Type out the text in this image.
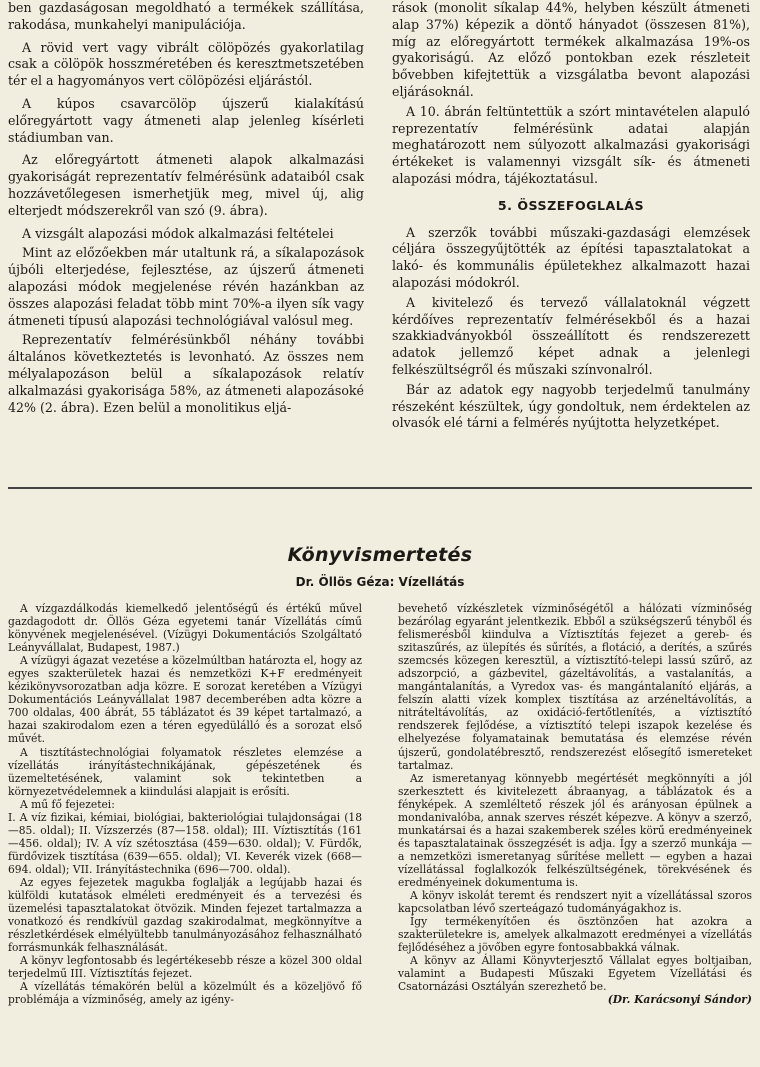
ben gazdaságosan megoldható a termékek szállítása, rakodása, munkahelyi manipulációja.

A rövid vert vagy vibrált cölöpözés gyakorlatilag csak a cölöpök hosszméretében és keresztmetszetében tér el a hagyományos vert cölöpözési eljárástól.

A kúpos csavarcölöp újszerű kialakítású előregyártott vagy átmeneti alap jelenleg kísérleti stádiumban van.

Az előregyártott átmeneti alapok alkalmazási gyakoriságát reprezentatív felmérésünk adataiból csak hozzávetőlegesen ismerhetjük meg, mivel új, alig elterjedt módszerekről van szó (9. ábra).

A vizsgált alapozási módok alkalmazási feltételei

Mint az előzőekben már utaltunk rá, a síkalapozások újbóli elterjedése, fejlesztése, az újszerű átmeneti alapozási módok megjelenése révén hazánkban az összes alapozási feladat több mint 70%-a ilyen sík vagy átmeneti típusú alapozási technológiával valósul meg.

Reprezentatív felmérésünkből néhány további általános következtetés is levonható. Az összes nem mélyalapozáson belül a síkalapozások relatív alkalmazási gyakorisága 58%, az átmeneti alapozásoké 42% (2. ábra). Ezen belül a monolitikus eljá-

rások (monolit síkalap 44%, helyben készült átmeneti alap 37%) képezik a döntő hányadot (összesen 81%), míg az előregyártott termékek alkalmazása 19%-os gyakoriságú. Az előző pontokban ezek részleteit bővebben kifejtettük a vizsgálatba bevont alapozási eljárásoknál.

A 10. ábrán feltüntettük a szórt mintavételen alapuló reprezentatív felmérésünk adatai alapján meghatározott nem súlyozott alkalmazási gyakorisági értékeket is valamennyi vizsgált sík- és átmeneti alapozási módra, tájékoztatásul.

5. ÖSSZEFOGLALÁS

A szerzők további műszaki-gazdasági elemzések céljára összegyűjtötték az építési tapasztalatokat a lakó- és kommunális épületekhez alkalmazott hazai alapozási módokról.

A kivitelező és tervező vállalatoknál végzett kérdőíves reprezentatív felmérésekből és a hazai szakkiadványokból összeállított és rendszerezett adatok jellemző képet adnak a jelenlegi felkészültségről és műszaki színvonalról.

Bár az adatok egy nagyobb terjedelmű tanulmány részeként készültek, úgy gondoltuk, nem érdektelen az olvasók elé tárni a felmérés nyújtotta helyzetképet.

Könyvismertetés
Dr. Öllös Géza: Vízellátás

A vízgazdálkodás kiemelkedő jelentőségű és értékű művel gazdagodott dr. Öllös Géza egyetemi tanár Vízellátás című könyvének megjelenésével. (Vízügyi Dokumentációs Szolgáltató Leányvállalat, Budapest, 1987.)

A vízügyi ágazat vezetése a közelmúltban határozta el, hogy az egyes szakterületek hazai és nemzetközi K+F eredményeit kézikönyvsorozatban adja közre. E sorozat keretében a Vízügyi Dokumentációs Leányvállalat 1987 decemberében adta közre a 700 oldalas, 400 ábrát, 55 táblázatot és 39 képet tartalmazó, a hazai szakirodalom ezen a téren egyedülálló és a sorozat első művét.

A tisztítástechnológiai folyamatok részletes elemzése a vízellátás irányítástechnikájának, gépészetének és üzemeltetésének, valamint sok tekintetben a környezetvédelemnek a kiindulási alapjait is erősíti.

A mű fő fejezetei:

I. A víz fizikai, kémiai, biológiai, bakteriológiai tulajdonságai (18—85. oldal); II. Vízszerzés (87—158. oldal); III. Víztisztítás (161—456. oldal); IV. A víz szétosztása (459—630. oldal); V. Fürdők, fürdővizek tisztítása (639—655. oldal); VI. Keverék vizek (668—694. oldal); VII. Irányítástechnika (696—700. oldal).

Az egyes fejezetek magukba foglalják a legújabb hazai és külföldi kutatások elméleti eredményeit és a tervezési és üzemelési tapasztalatokat ötvözik. Minden fejezet tartalmazza a vonatkozó és rendkívül gazdag szakirodalmat, megkönnyítve a részletkérdések elmélyültebb tanulmányozásához felhasználható forrásmunkák felhasználását.

A könyv legfontosabb és legértékesebb része a közel 300 oldal terjedelmű III. Víztisztítás fejezet.

A vízellátás témakörén belül a közelmúlt és a közeljövő fő problémája a vízminőség, amely az igény-

bevehető vízkészletek vízminőségétől a hálózati vízminőség bezárólag egyaránt jelentkezik. Ebből a szükségszerű tényből és felismerésből kiindulva a Víztisztítás fejezet a gereb- és szitaszűrés, az ülepítés és sűrítés, a flotáció, a derítés, a szűrés szemcsés közegen keresztül, a víztisztító-telepi lassú szűrő, az adszorpció, a gázbevitel, gázeltávolítás, a vastalanítás, a mangántalanítás, a Vyredox vas- és mangántalanító eljárás, a felszín alatti vízek komplex tisztítása az arzéneltávolítás, a nitráteltávolítás, az oxidáció-fertőtlenítés, a víztisztító rendszerek fejlődése, a víztisztító telepi iszapok kezelése és elhelyezése folyamatainak bemutatása és elemzése révén újszerű, gondolatébresztő, rendszerezést elősegítő ismereteket tartalmaz.

Az ismeretanyag könnyebb megértését megkönnyíti a jól szerkesztett és kivitelezett ábraanyag, a táblázatok és a fényképek. A szemléltető részek jól és arányosan épülnek a mondanivalóba, annak szerves részét képezve. A könyv a szerző, munkatársai és a hazai szakemberek széles körű eredményeinek és tapasztalatainak összegzését is adja. Így a szerző munkája — a nemzetközi ismeretanyag sűrítése mellett — egyben a hazai vízellátással foglalkozók felkészültségének, törekvésének és eredményeinek dokumentuma is.

A könyv iskolát teremt és rendszert nyit a vízellátással szoros kapcsolatban lévő szerteágazó tudományágakhoz is.

Így termékenyítően és ösztönzően hat azokra a szakterületekre is, amelyek alkalmazott eredményei a vízellátás fejlődéséhez a jövőben egyre fontosabbakká válnak.

A könyv az Állami Könyvterjesztő Vállalat egyes boltjaiban, valamint a Budapesti Műszaki Egyetem Vízellátási és Csatornázási Osztályán szerezhető be.

(Dr. Karácsonyi Sándor)
